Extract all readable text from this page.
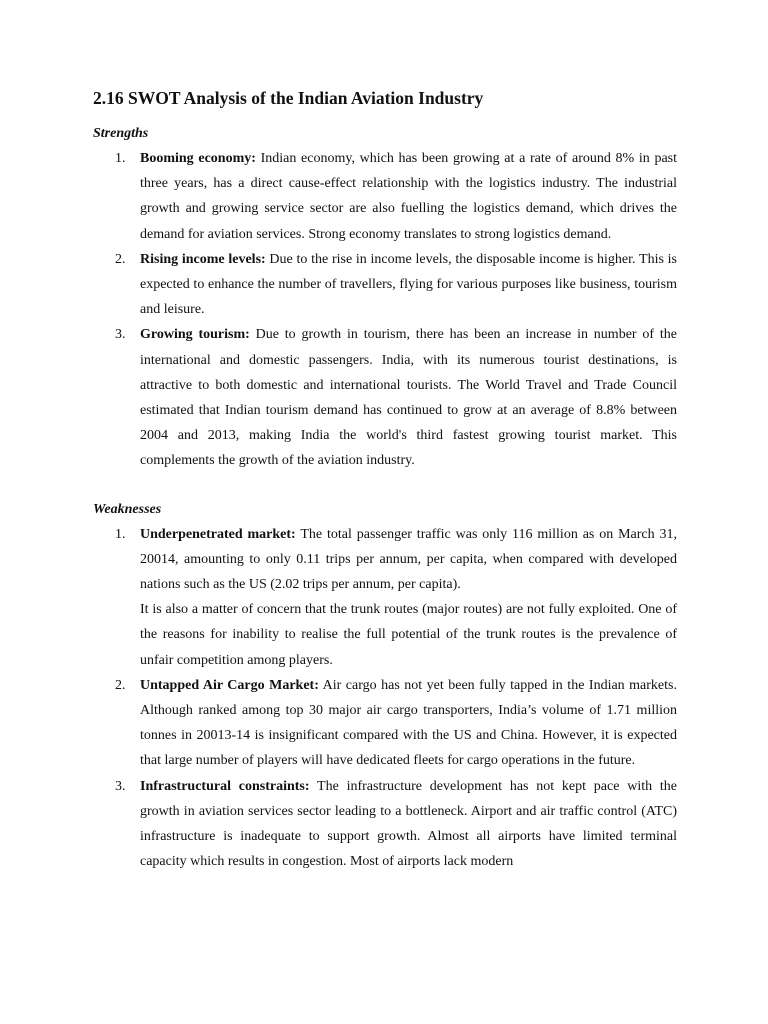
2.16 SWOT Analysis of the Indian Aviation Industry
Strengths
1. Booming economy: Indian economy, which has been growing at a rate of around 8% in past three years, has a direct cause-effect relationship with the logistics industry. The industrial growth and growing service sector are also fuelling the logistics demand, which drives the demand for aviation services. Strong economy translates to strong logistics demand.
2. Rising income levels: Due to the rise in income levels, the disposable income is higher. This is expected to enhance the number of travellers, flying for various purposes like business, tourism and leisure.
3. Growing tourism: Due to growth in tourism, there has been an increase in number of the international and domestic passengers. India, with its numerous tourist destinations, is attractive to both domestic and international tourists. The World Travel and Trade Council estimated that Indian tourism demand has continued to grow at an average of 8.8% between 2004 and 2013, making India the world's third fastest growing tourist market. This complements the growth of the aviation industry.
Weaknesses
1. Underpenetrated market: The total passenger traffic was only 116 million as on March 31, 20014, amounting to only 0.11 trips per annum, per capita, when compared with developed nations such as the US (2.02 trips per annum, per capita).
It is also a matter of concern that the trunk routes (major routes) are not fully exploited. One of the reasons for inability to realise the full potential of the trunk routes is the prevalence of unfair competition among players.
2. Untapped Air Cargo Market: Air cargo has not yet been fully tapped in the Indian markets. Although ranked among top 30 major air cargo transporters, India’s volume of 1.71 million tonnes in 20013-14 is insignificant compared with the US and China. However, it is expected that large number of players will have dedicated fleets for cargo operations in the future.
3. Infrastructural constraints: The infrastructure development has not kept pace with the growth in aviation services sector leading to a bottleneck. Airport and air traffic control (ATC) infrastructure is inadequate to support growth. Almost all airports have limited terminal capacity which results in congestion. Most of airports lack modern
